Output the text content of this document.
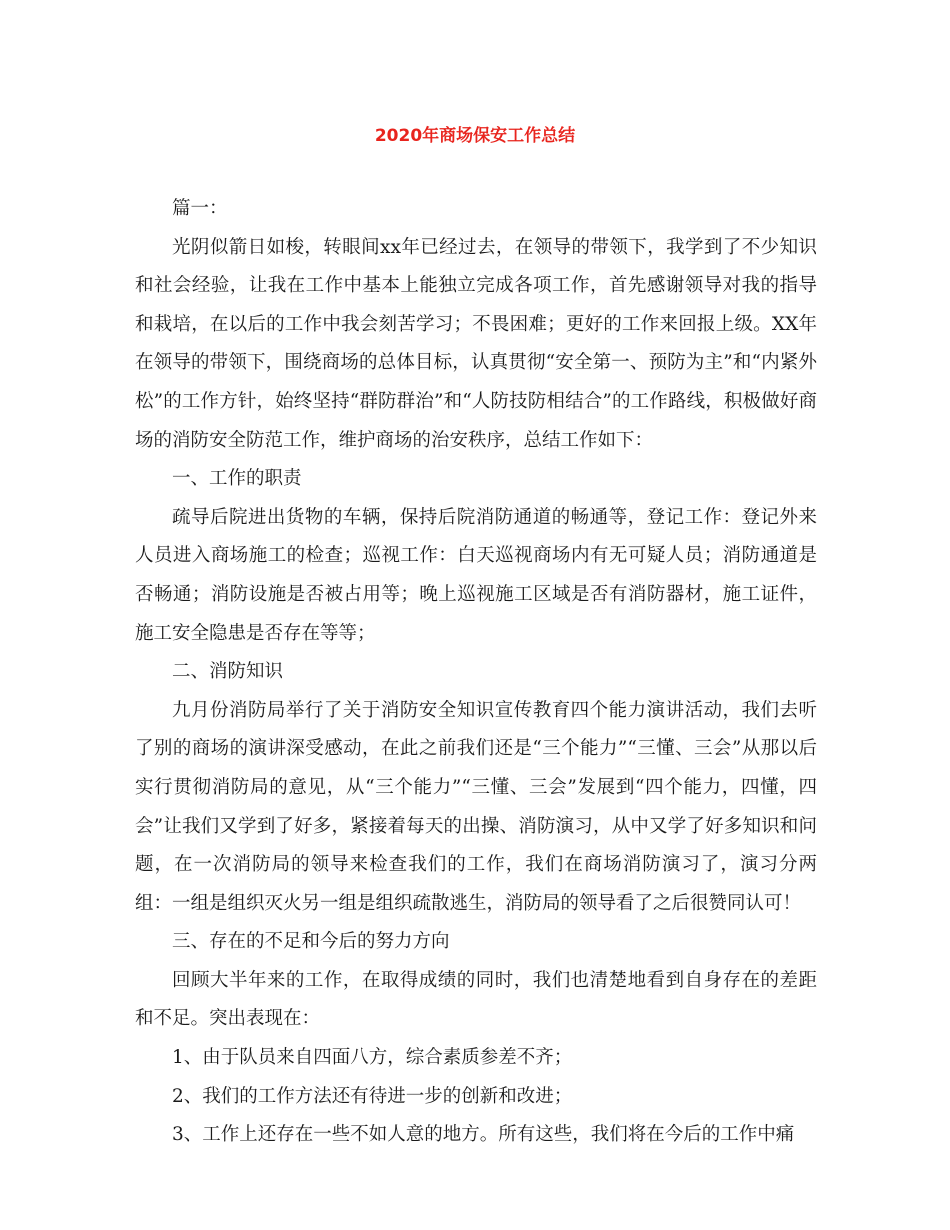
2020年商场保安工作总结

篇一：

光阴似箭日如梭，转眼间xx年已经过去，在领导的带领下，我学到了不少知识和社会经验，让我在工作中基本上能独立完成各项工作，首先感谢领导对我的指导和栽培，在以后的工作中我会刻苦学习；不畏困难；更好的工作来回报上级。XX年在领导的带领下，围绕商场的总体目标，认真贯彻“安全第一、预防为主”和“内紧外松”的工作方针，始终坚持“群防群治”和“人防技防相结合”的工作路线，积极做好商场的消防安全防范工作，维护商场的治安秩序，总结工作如下：

一、工作的职责

疏导后院进出货物的车辆，保持后院消防通道的畅通等，登记工作：登记外来人员进入商场施工的检查；巡视工作：白天巡视商场内有无可疑人员；消防通道是否畅通；消防设施是否被占用等；晚上巡视施工区域是否有消防器材，施工证件，施工安全隐患是否存在等等；

二、消防知识

九月份消防局举行了关于消防安全知识宣传教育四个能力演讲活动，我们去听了别的商场的演讲深受感动，在此之前我们还是“三个能力”“三懂、三会”从那以后实行贯彻消防局的意见，从“三个能力”“三懂、三会”发展到“四个能力，四懂，四会”让我们又学到了好多，紧接着每天的出操、消防演习，从中又学了好多知识和问题，在一次消防局的领导来检查我们的工作，我们在商场消防演习了，演习分两组：一组是组织灭火另一组是组织疏散逃生，消防局的领导看了之后很赞同认可！

三、存在的不足和今后的努力方向

回顾大半年来的工作，在取得成绩的同时，我们也清楚地看到自身存在的差距和不足。突出表现在：

1、由于队员来自四面八方，综合素质参差不齐；

2、我们的工作方法还有待进一步的创新和改进；

3、工作上还存在一些不如人意的地方。所有这些，我们将在今后的工作中痛
